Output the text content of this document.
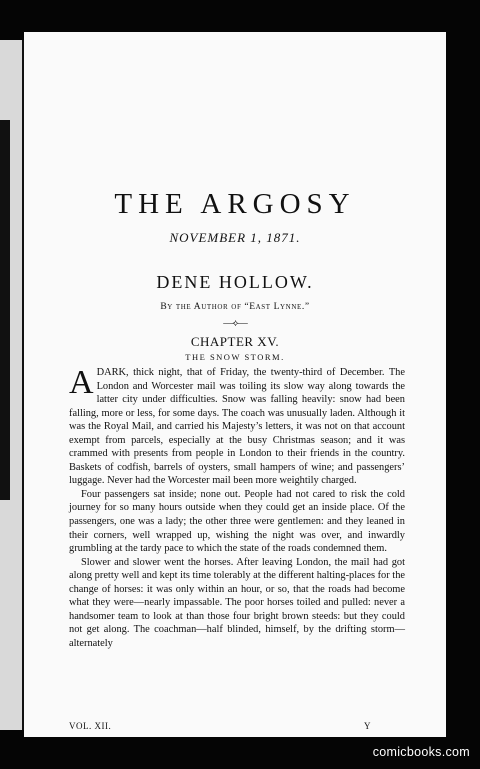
THE ARGOSY
NOVEMBER 1, 1871.
DENE HOLLOW.
By the Author of “East Lynne.”
—⟡—
CHAPTER XV.
THE SNOW STORM.

ADARK, thick night, that of Friday, the twenty-third of December. The London and Worcester mail was toiling its slow way along towards the latter city under difficulties. Snow was falling heavily: snow had been falling, more or less, for some days. The coach was unusually laden. Although it was the Royal Mail, and carried his Majesty’s letters, it was not on that account exempt from parcels, especially at the busy Christmas season; and it was crammed with presents from people in London to their friends in the country. Baskets of codfish, barrels of oysters, small hampers of wine; and passengers’ luggage. Never had the Worcester mail been more weightily charged.

Four passengers sat inside; none out. People had not cared to risk the cold journey for so many hours outside when they could get an inside place. Of the passengers, one was a lady; the other three were gentlemen: and they leaned in their corners, well wrapped up, wishing the night was over, and inwardly grumbling at the tardy pace to which the state of the roads condemned them.

Slower and slower went the horses. After leaving London, the mail had got along pretty well and kept its time tolerably at the different halting-places for the change of horses: it was only within an hour, or so, that the roads had become what they were—nearly impassable. The poor horses toiled and pulled: never a handsomer team to look at than those four bright brown steeds: but they could not get along. The coachman—half blinded, himself, by the drifting storm—alternately

VOL. XII.	Y
comicbooks.com
